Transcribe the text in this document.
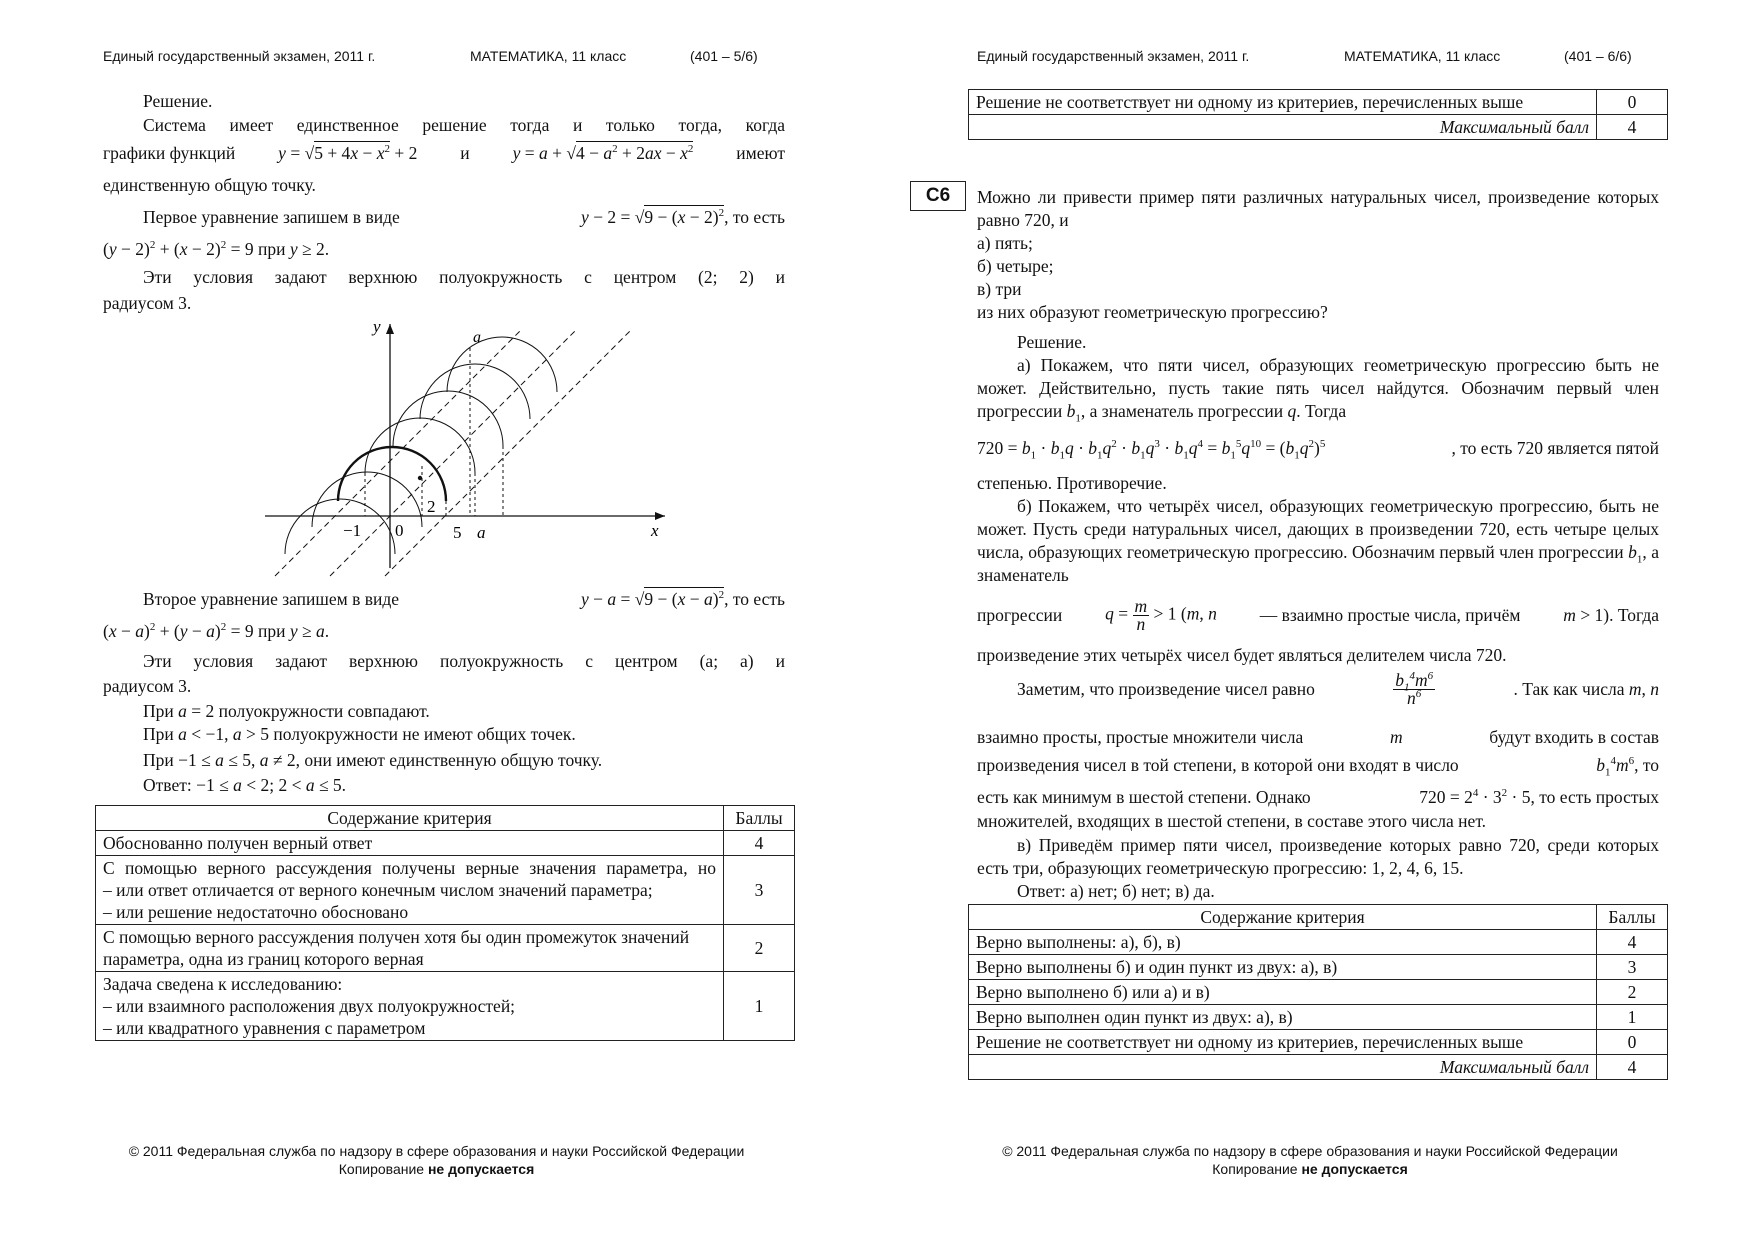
Единый государственный экзамен, 2011 г.	МАТЕМАТИКА, 11 класс	(401 – 5/6)
Решение.
Система имеет единственное решение тогда и только тогда, когда
графики функций $y = √5 + 4x - x^2 + 2$ и $y = a + √4 - a^2 + 2ax - x^2$ имеют
единственную общую точку.
Первое уравнение запишем в виде	$y - 2 = √9 - (x - 2)^2$, то есть
$(y - 2)^2 + (x - 2)^2 = 9$ при y ≥ 2.
Эти условия задают верхнюю полуокружность с центром (2; 2) и
радиусом 3.
y
x
a
−1 0
2
5 a
Второе уравнение запишем в виде	$y - a = √9 - (x - a)^2$, то есть
$(x - a)^2 + (y - a)^2 = 9$ при y ≥ a.
Эти условия задают верхнюю полуокружность с центром (a; a) и
радиусом 3.
При a = 2 полуокружности совпадают.
При a < −1, a > 5 полуокружности не имеют общих точек.
При −1 ≤ a ≤ 5, a ≠ 2, они имеют единственную общую точку.
Ответ: −1 ≤ a < 2; 2 < a ≤ 5.
Содержание критерия	Баллы
Обоснованно получен верный ответ	4

С помощью верного рассуждения получены верные значения параметра, но
– или ответ отличается от верного конечным числом значений параметра;
– или решение недостаточно обосновано	3
С помощью верного рассуждения получен хотя бы один промежуток значений параметра, одна из границ которого верная	2

Задача сведена к исследованию:
– или взаимного расположения двух полуокружностей;
– или квадратного уравнения с параметром	1
© 2011 Федеральная служба по надзору в сфере образования и науки Российской Федерации
Копирование не допускается
Единый государственный экзамен, 2011 г.	МАТЕМАТИКА, 11 класс	(401 – 6/6)
Решение не соответствует ни одному из критериев, перечисленных выше	0
Максимальный балл	4
С6	Можно ли привести пример пяти различных натуральных чисел, произведение которых равно 720, и
а) пять;
б) четыре;
в) три
из них образуют геометрическую прогрессию?
Решение.
а) Покажем, что пяти чисел, образующих геометрическую прогрессию быть не может. Действительно, пусть такие пять чисел найдутся. Обозначим первый член прогрессии $b_1$, а знаменатель прогрессии q. Тогда
$720 = b_1 \cdot b_1q \cdot b_1q^2 \cdot b_1q^3 \cdot b_1q^4 = b_1^5q^{10} = (b_1q^2)^5$	, то есть 720 является пятой
степенью. Противоречие.
б) Покажем, что четырёх чисел, образующих геометрическую прогрессию, быть не может. Пусть среди натуральных чисел, дающих в произведении 720, есть четыре целых числа, образующих геометрическую прогрессию. Обозначим первый член прогрессии $b_1$, а знаменатель
прогрессии $q = \frac{m}{n} > 1$ (m, n — взаимно простые числа, причём m > 1). Тогда
произведение этих четырёх чисел будет являться делителем числа 720.
Заметим, что произведение чисел равно	$\frac{b_1^4m^6}{n^6}$	. Так как числа m, n
взаимно просты, простые множители числа	m	будут входить в состав
произведения чисел в той степени, в которой они входят в число	$b_1^4m^6$, то
есть как минимум в шестой степени. Однако	$720 = 2^4 \cdot 3^2 \cdot 5$, то есть простых
множителей, входящих в шестой степени, в составе этого числа нет.
в) Приведём пример пяти чисел, произведение которых равно 720, среди которых есть три, образующих геометрическую прогрессию: 1, 2, 4, 6, 15.
Ответ: а) нет; б) нет; в) да.
Содержание критерия	Баллы
Верно выполнены: а), б), в)	4
Верно выполнены б) и один пункт из двух: а), в)	3
Верно выполнено б) или а) и в)	2
Верно выполнен один пункт из двух: а), в)	1
Решение не соответствует ни одному из критериев, перечисленных выше	0
Максимальный балл	4
© 2011 Федеральная служба по надзору в сфере образования и науки Российской Федерации
Копирование не допускается
